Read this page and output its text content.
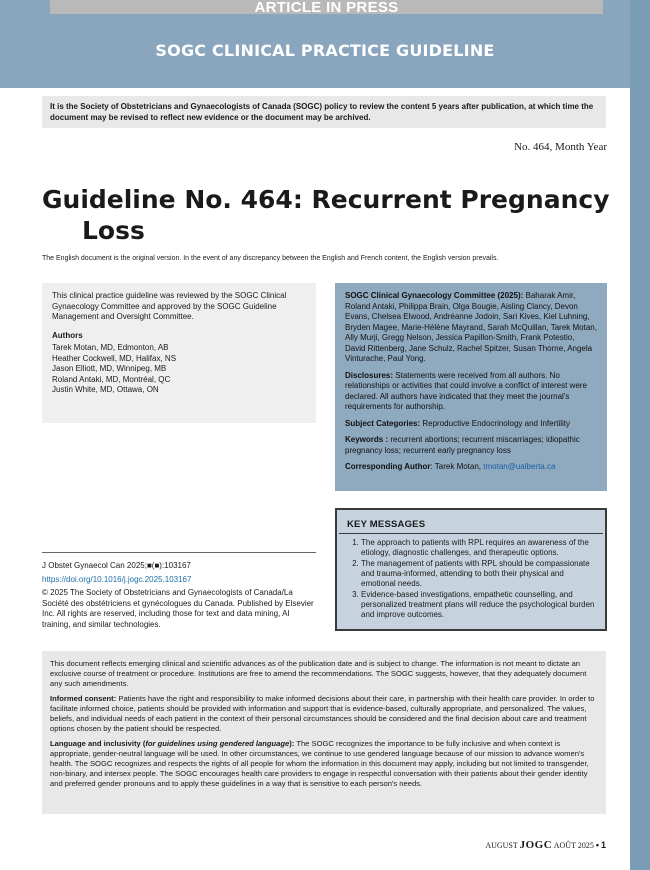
ARTICLE IN PRESS
SOGC CLINICAL PRACTICE GUIDELINE
It is the Society of Obstetricians and Gynaecologists of Canada (SOGC) policy to review the content 5 years after publication, at which time the document may be revised to reflect new evidence or the document may be archived.
No. 464, Month Year
Guideline No. 464: Recurrent Pregnancy
Loss
The English document is the original version. In the event of any discrepancy between the English and French content, the English version prevails.
This clinical practice guideline was reviewed by the SOGC Clinical Gynaecology Committee and approved by the SOGC Guideline Management and Oversight Committee.
Authors
Tarek Motan, MD, Edmonton, AB
Heather Cockwell, MD, Halifax, NS
Jason Elliott, MD, Winnipeg, MB
Roland Antaki, MD, Montréal, QC
Justin White, MD, Ottawa, ON

SOGC Clinical Gynaecology Committee (2025): Baharak Amir, Roland Antaki, Philippa Brain, Olga Bougie, Aisling Clancy, Devon Evans, Chelsea Elwood, Andréanne Jodoin, Sari Kives, Kiel Luhning, Bryden Magee, Marie-Hélène Mayrand, Sarah McQuillan, Tarek Motan, Ally Murji, Gregg Nelson, Jessica Papillon-Smith, Frank Potestio, David Rittenberg, Jane Schulz, Rachel Spitzer, Susan Thorne, Angela Vinturache, Paul Yong.

Disclosures: Statements were received from all authors. No relationships or activities that could involve a conflict of interest were declared. All authors have indicated that they meet the journal's requirements for authorship.

Subject Categories: Reproductive Endocrinology and Infertility

Keywords : recurrent abortions; recurrent miscarriages; idiopathic pregnancy loss; recurrent early pregnancy loss

Corresponding Author: Tarek Motan, tmotan@ualberta.ca

KEY MESSAGES
1. The approach to patients with RPL requires an awareness of the etiology, diagnostic challenges, and therapeutic options.
2. The management of patients with RPL should be compassionate and trauma-informed, attending to both their physical and emotional needs.
3. Evidence-based investigations, empathetic counselling, and personalized treatment plans will reduce the psychological burden and improve outcomes.
J Obstet Gynaecol Can 2025;■(■):103167
https://doi.org/10.1016/j.jogc.2025.103167
© 2025 The Society of Obstetricians and Gynaecologists of Canada/La Société des obstétriciens et gynécologues du Canada. Published by Elsevier Inc. All rights are reserved, including those for text and data mining, AI training, and similar technologies.

This document reflects emerging clinical and scientific advances as of the publication date and is subject to change. The information is not meant to dictate an exclusive course of treatment or procedure. Institutions are free to amend the recommendations. The SOGC suggests, however, that they adequately document any such amendments.

Informed consent: Patients have the right and responsibility to make informed decisions about their care, in partnership with their health care provider. In order to facilitate informed choice, patients should be provided with information and support that is evidence-based, culturally appropriate, and personalized. The values, beliefs, and individual needs of each patient in the context of their personal circumstances should be considered and the final decision about care and treatment options chosen by the patient should be respected.

Language and inclusivity (for guidelines using gendered language): The SOGC recognizes the importance to be fully inclusive and when context is appropriate, gender-neutral language will be used. In other circumstances, we continue to use gendered language because of our mission to advance women's health. The SOGC recognizes and respects the rights of all people for whom the information in this document may apply, including but not limited to transgender, non-binary, and intersex people. The SOGC encourages health care providers to engage in respectful conversation with their patients about their gender identity and preferred gender pronouns and to apply these guidelines in a way that is sensitive to each person's needs.

AUGUST JOGC AOÛT 2025 • 1
